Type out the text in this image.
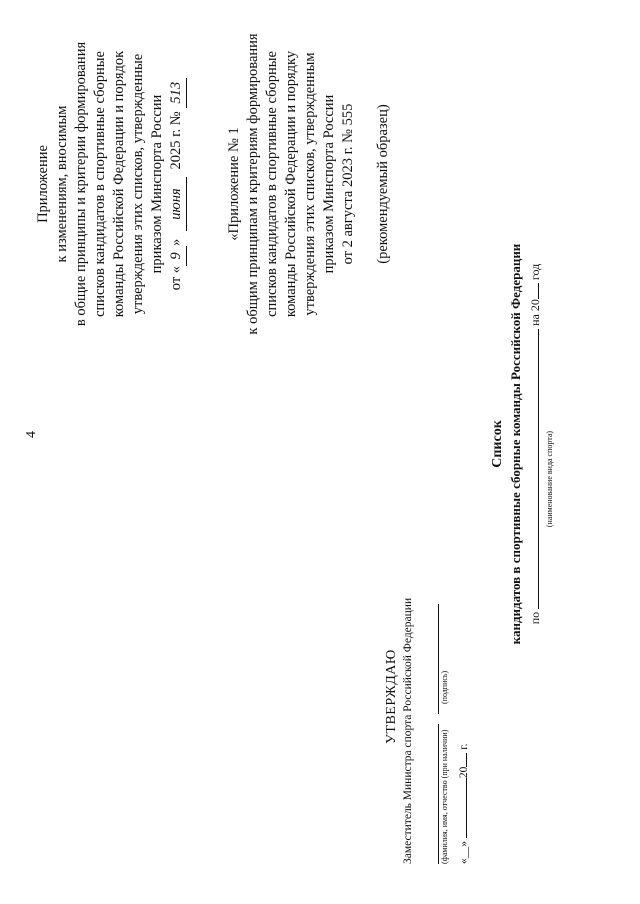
4
Приложение к изменениям, вносимым в общие принципы и критерии формирования списков кандидатов в спортивные сборные команды Российской Федерации и порядок утверждения этих списков, утвержденные приказом Минспорта России
от «9» июня 2025 г. № 513
«Приложение № 1 к общим принципам и критериям формирования списков кандидатов в спортивные сборные команды Российской Федерации и порядку утверждения этих списков, утвержденным приказом Минспорта России от 2 августа 2023 г. № 555 (рекомендуемый образец)
УТВЕРЖДАЮ Заместитель Министра спорта Российской Федерации	(фамилия, имя, отчество (при наличии)
(подпись)
«__» 20 г.
Список кандидатов в спортивные сборные команды Российской Федерации по  на 20 год
(наименование вида спорта)
